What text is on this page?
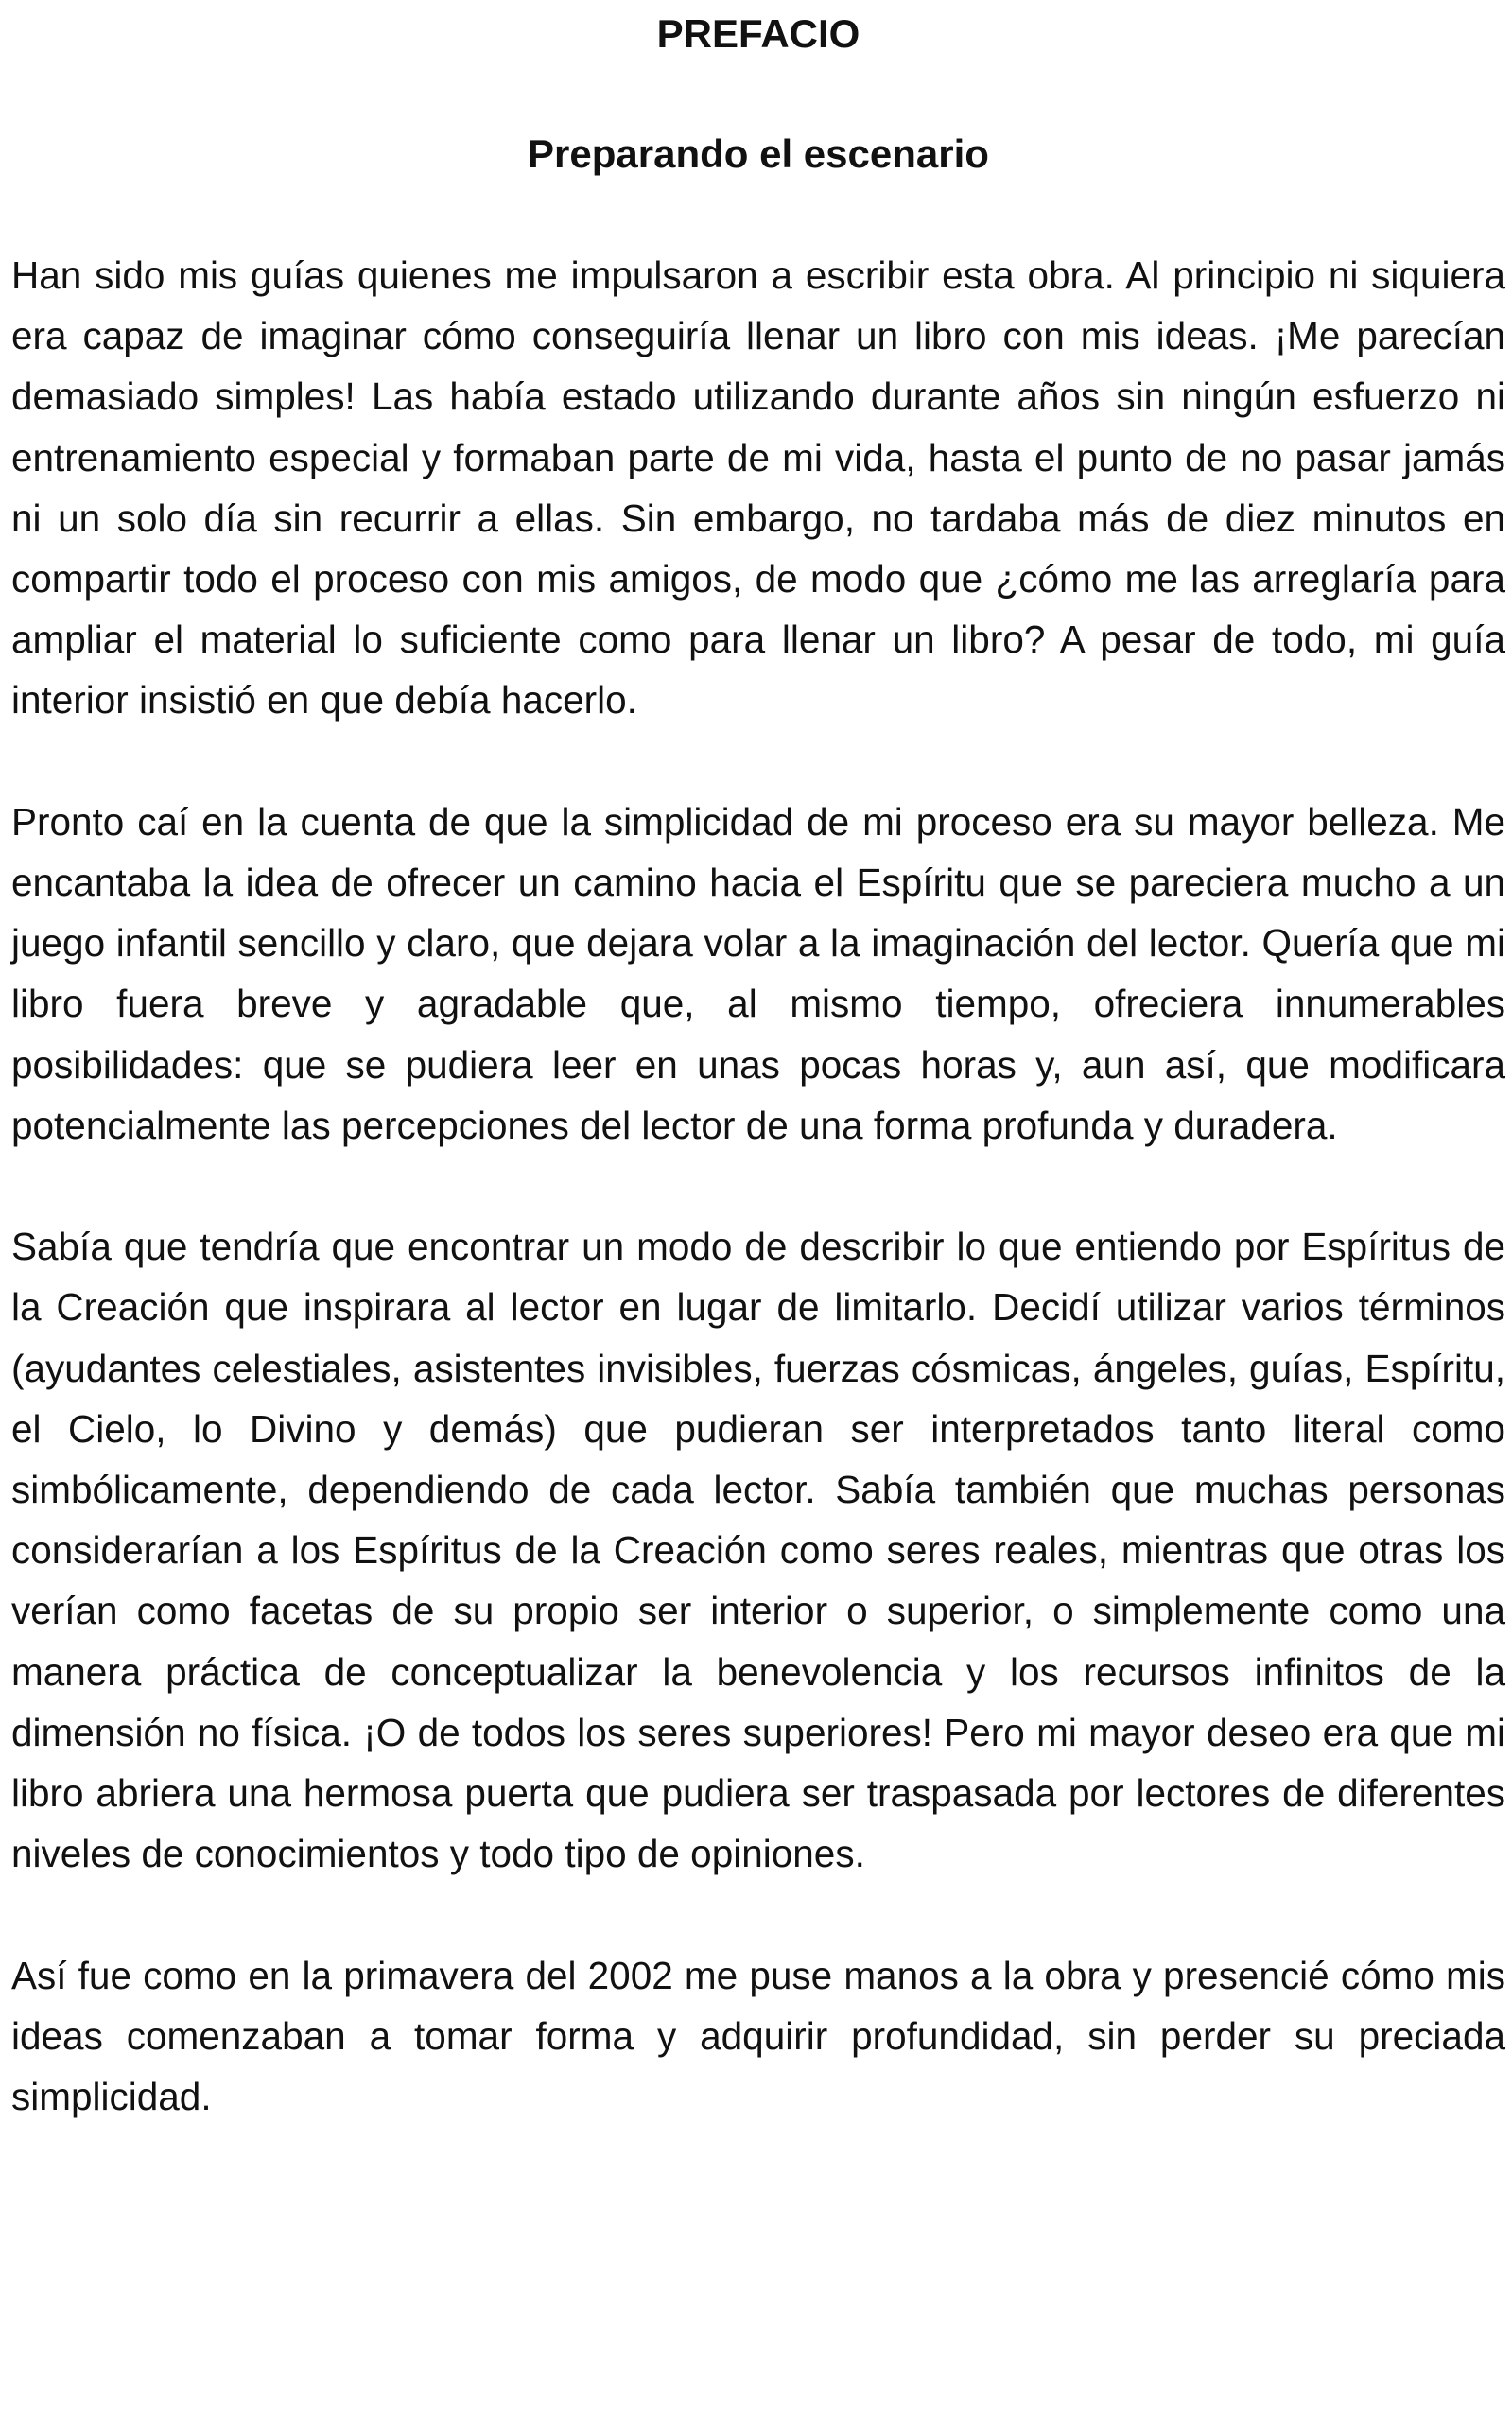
PREFACIO
Preparando el escenario

Han sido mis guías quienes me impulsaron a escribir esta obra. Al principio ni siquiera era capaz de imaginar cómo conseguiría llenar un libro con mis ideas. ¡Me parecían demasiado simples! Las había estado utilizando durante años sin ningún esfuerzo ni entrenamiento especial y formaban parte de mi vida, hasta el punto de no pasar jamás ni un solo día sin recurrir a ellas. Sin embargo, no tardaba más de diez minutos en compartir todo el proceso con mis amigos, de modo que ¿cómo me las arreglaría para ampliar el material lo suficiente como para llenar un libro? A pesar de todo, mi guía interior insistió en que debía hacerlo.

Pronto caí en la cuenta de que la simplicidad de mi proceso era su mayor belleza. Me encantaba la idea de ofrecer un camino hacia el Espíritu que se pareciera mucho a un juego infantil sencillo y claro, que dejara volar a la imaginación del lector. Quería que mi libro fuera breve y agradable que, al mismo tiempo, ofreciera innumerables posibilidades: que se pudiera leer en unas pocas horas y, aun así, que modificara potencialmente las percepciones del lector de una forma profunda y duradera.

Sabía que tendría que encontrar un modo de describir lo que entiendo por Espíritus de la Creación que inspirara al lector en lugar de limitarlo. Decidí utilizar varios términos (ayudantes celestiales, asistentes invisibles, fuerzas cósmicas, ángeles, guías, Espíritu, el Cielo, lo Divino y demás) que pudieran ser interpretados tanto literal como simbólicamente, dependiendo de cada lector. Sabía también que muchas personas considerarían a los Espíritus de la Creación como seres reales, mientras que otras los verían como facetas de su propio ser interior o superior, o simplemente como una manera práctica de conceptualizar la benevolencia y los recursos infinitos de la dimensión no física. ¡O de todos los seres superiores! Pero mi mayor deseo era que mi libro abriera una hermosa puerta que pudiera ser traspasada por lectores de diferentes niveles de conocimientos y todo tipo de opiniones.

Así fue como en la primavera del 2002 me puse manos a la obra y presencié cómo mis ideas comenzaban a tomar forma y adquirir profundidad, sin perder su preciada simplicidad.
